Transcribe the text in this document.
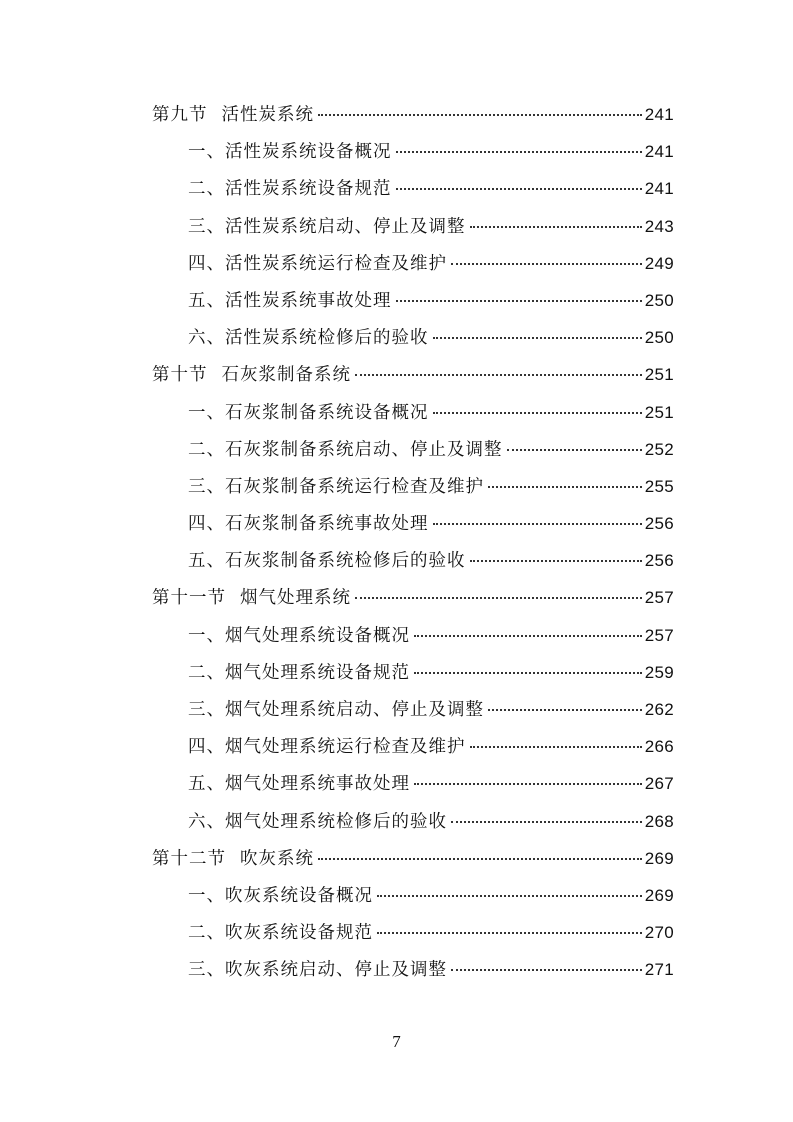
第九节 活性炭系统	241
一、活性炭系统设备概况	241
二、活性炭系统设备规范	241
三、活性炭系统启动、停止及调整	243
四、活性炭系统运行检查及维护	249
五、活性炭系统事故处理	250
六、活性炭系统检修后的验收	250
第十节 石灰浆制备系统	251
一、石灰浆制备系统设备概况	251
二、石灰浆制备系统启动、停止及调整	252
三、石灰浆制备系统运行检查及维护	255
四、石灰浆制备系统事故处理	256
五、石灰浆制备系统检修后的验收	256
第十一节 烟气处理系统	257
一、烟气处理系统设备概况	257
二、烟气处理系统设备规范	259
三、烟气处理系统启动、停止及调整	262
四、烟气处理系统运行检查及维护	266
五、烟气处理系统事故处理	267
六、烟气处理系统检修后的验收	268
第十二节 吹灰系统	269
一、吹灰系统设备概况	269
二、吹灰系统设备规范	270
三、吹灰系统启动、停止及调整	271
7
